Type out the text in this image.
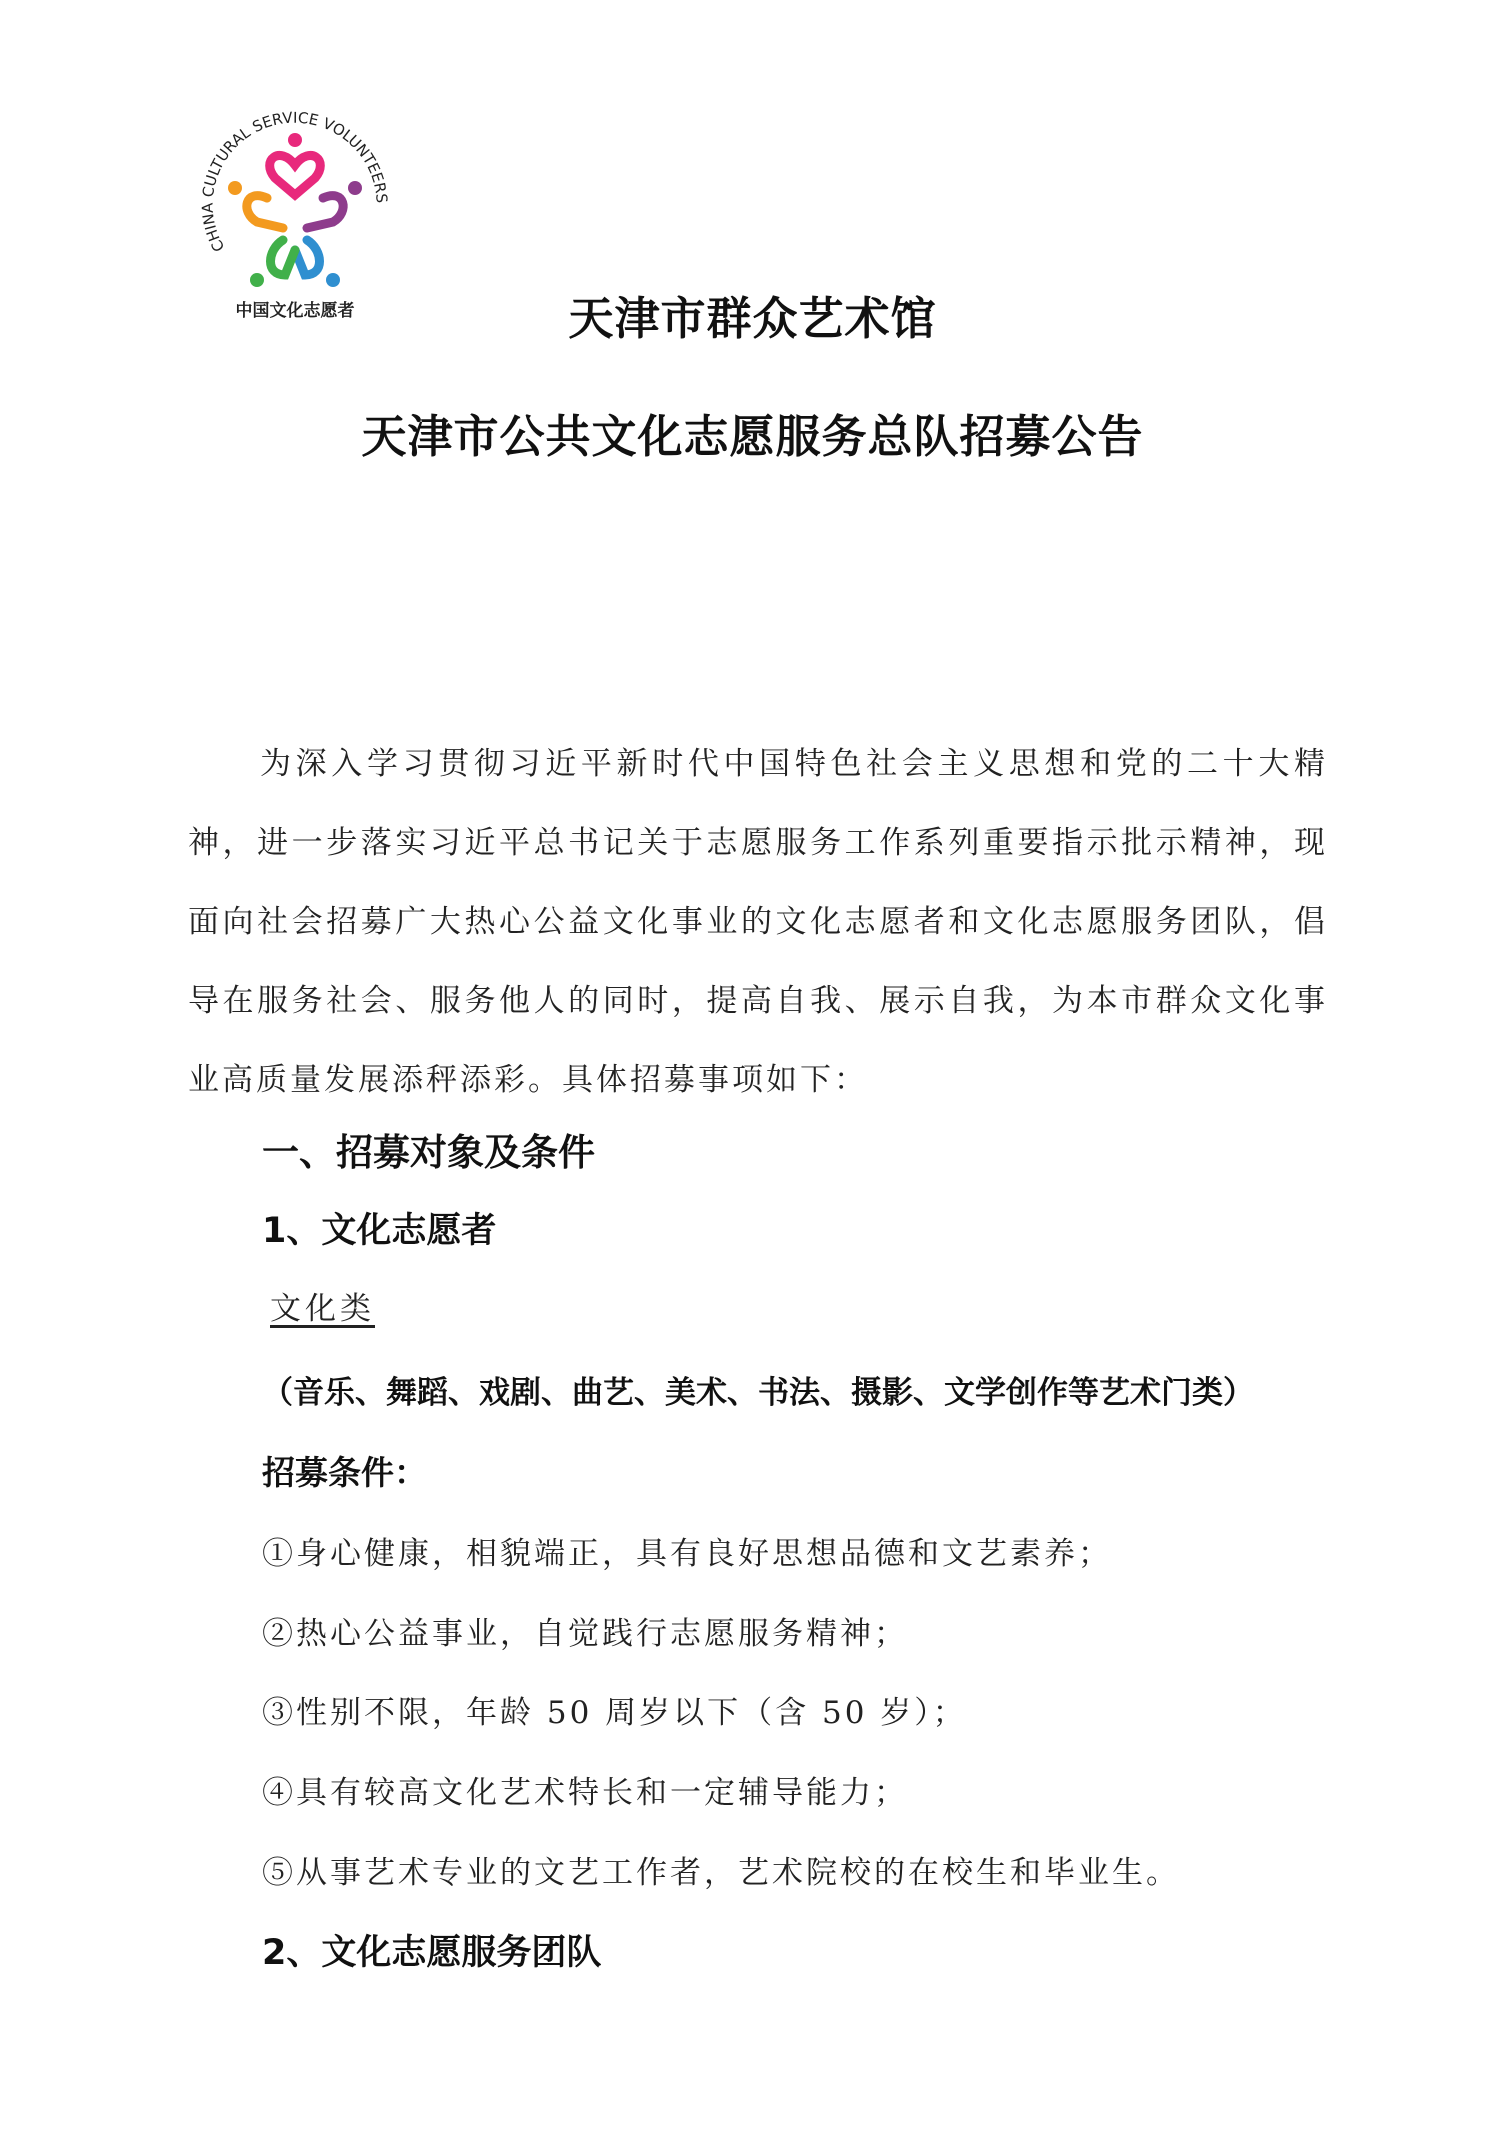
CHINA CULTURAL SERVICE VOLUNTEERS
中国文化志愿者	天津市群众艺术馆
天津市公共文化志愿服务总队招募公告
为深入学习贯彻习近平新时代中国特色社会主义思想和党的二十大精神，进一步落实习近平总书记关于志愿服务工作系列重要指示批示精神，现面向社会招募广大热心公益文化事业的文化志愿者和文化志愿服务团队，倡导在服务社会、服务他人的同时，提高自我、展示自我，为本市群众文化事业高质量发展添秤添彩。具体招募事项如下：
一、招募对象及条件
1、文化志愿者
文化类
（音乐、舞蹈、戏剧、曲艺、美术、书法、摄影、文学创作等艺术门类）
招募条件：
①身心健康，相貌端正，具有良好思想品德和文艺素养；
②热心公益事业，自觉践行志愿服务精神；
③性别不限，年龄 50 周岁以下（含 50 岁）；
④具有较高文化艺术特长和一定辅导能力；
⑤从事艺术专业的文艺工作者，艺术院校的在校生和毕业生。
2、文化志愿服务团队
